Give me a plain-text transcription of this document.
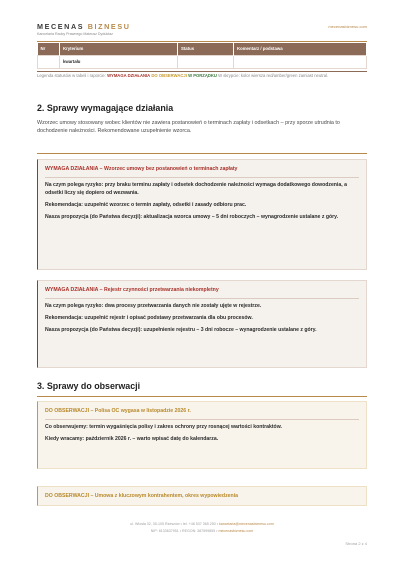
MECENAS BIZNESU
Kancelaria Radcy Prawnego Mateusz Dyduktaz
mecenasbiznesu.com
Nr	Kryterium	Status	Komentarz / podstawa
	kwartału		
Legenda statusów w tabeli i raporcie: WYMAGA DZIAŁANIA DO OBSERWACJI W PORZĄDKU W skrypcie: kolor wiersza red/amber/green zamiast neutral.
2. Sprawy wymagające działania
Wzorzec umowy stosowany wobec klientów nie zawiera postanowień o terminach zapłaty i odsetkach – przy sporze utrudnia to dochodzenie należności. Rekomendowane uzupełnienie wzorca.
WYMAGA DZIAŁANIA – Wzorzec umowy bez postanowień o terminach zapłaty

Na czym polega ryzyko: przy braku terminu zapłaty i odsetek dochodzenie należności wymaga dodatkowego dowodzenia, a odsetki liczy się dopiero od wezwania.

Rekomendacja: uzupełnić wzorzec o termin zapłaty, odsetki i zasady odbioru prac.

Nasza propozycja (do Państwa decyzji): aktualizacja wzorca umowy – 5 dni roboczych – wynagrodzenie ustalane z góry.

WYMAGA DZIAŁANIA – Rejestr czynności przetwarzania niekompletny

Na czym polega ryzyko: dwa procesy przetwarzania danych nie zostały ujęte w rejestrze.

Rekomendacja: uzupełnić rejestr i opisać podstawy przetwarzania dla obu procesów.

Nasza propozycja (do Państwa decyzji): uzupełnienie rejestru – 3 dni robocze – wynagrodzenie ustalane z góry.

3. Sprawy do obserwacji
DO OBSERWACJI – Polisa OC wygasa w listopadzie 2026 r.

Co obserwujemy: termin wygaśnięcia polisy i zakres ochrony przy rosnącej wartości kontraktów.

Kiedy wracamy: październik 2026 r. – warto wpisać datę do kalendarza.

DO OBSERWACJI – Umowa z kluczowym kontrahentem, okres wypowiedzenia
ul. Wiosła 32, 35-105 Rzeszów • tel. +48 537 365 250 • kancelaria@mecenasbiznesu.com
NIP: 8133637951 • REGON: 387599855 • mecenasbiznesu.com
Strona 2 z 4
